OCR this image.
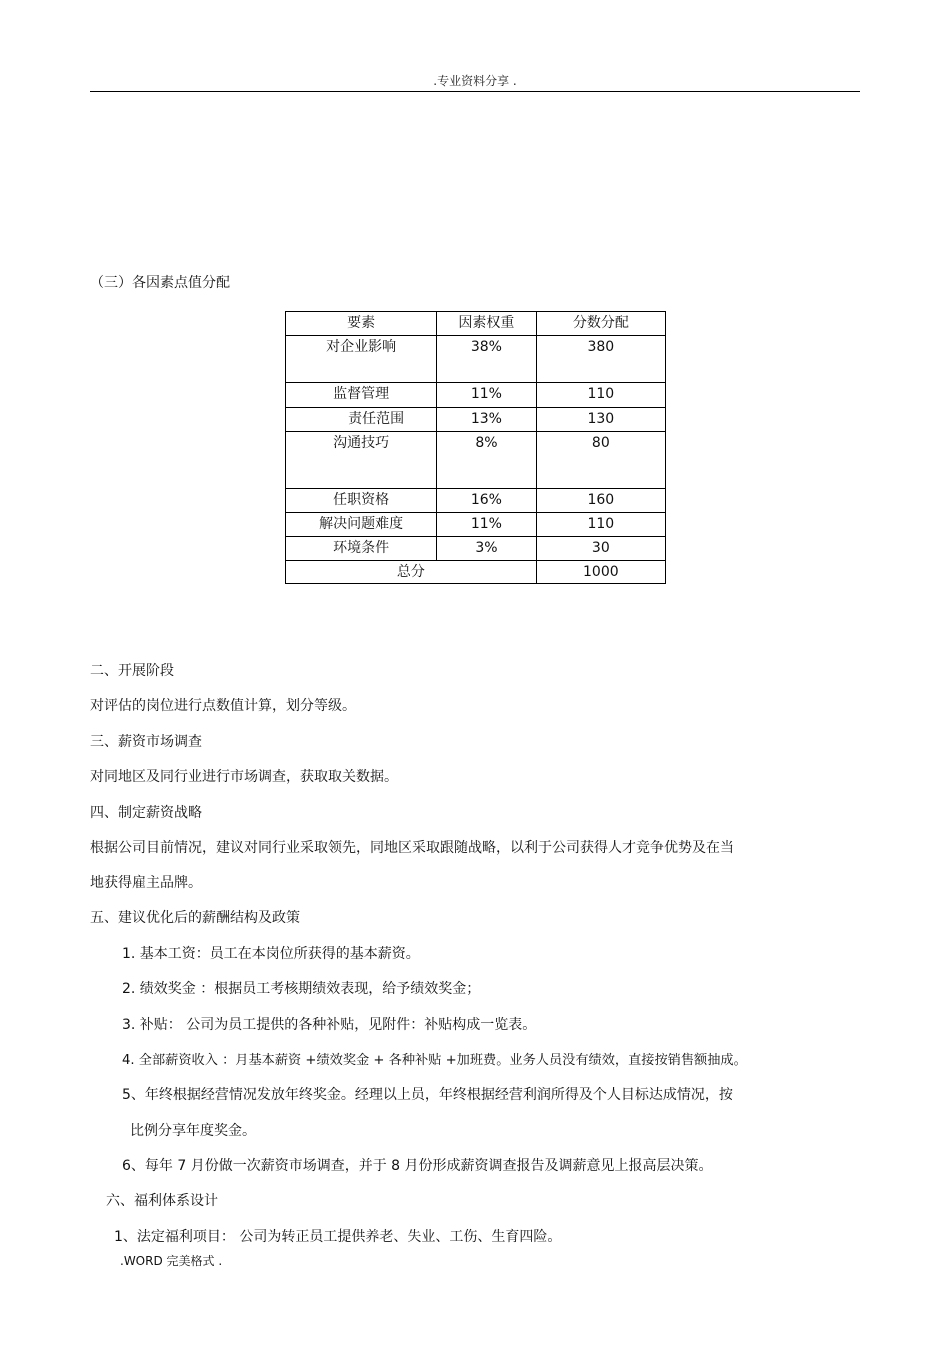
.专业资料分享 .
（三）各因素点值分配
要素	因素权重	分数分配
对企业影响	38%	380
监督管理	11%	110
责任范围	13%	130
沟通技巧	8%	80
任职资格	16%	160
解决问题难度	11%	110
环境条件	3%	30
总分		1000
二、开展阶段
对评估的岗位进行点数值计算，划分等级。
三、薪资市场调查
对同地区及同行业进行市场调查，获取取关数据。
四、制定薪资战略
根据公司目前情况，建议对同行业采取领先，同地区采取跟随战略，以利于公司获得人才竞争优势及在当
地获得雇主品牌。
五、建议优化后的薪酬结构及政策
1. 基本工资：员工在本岗位所获得的基本薪资。
2. 绩效奖金 ：根据员工考核期绩效表现，给予绩效奖金；
3. 补贴： 公司为员工提供的各种补贴，见附件：补贴构成一览表。
4. 全部薪资收入 ：月基本薪资 +绩效奖金 + 各种补贴 +加班费。业务人员没有绩效，直接按销售额抽成。
5、年终根据经营情况发放年终奖金。经理以上员，年终根据经营利润所得及个人目标达成情况，按
比例分享年度奖金。
6、每年 7 月份做一次薪资市场调查，并于 8 月份形成薪资调查报告及调薪意见上报高层决策。
六、福利体系设计
1、法定福利项目： 公司为转正员工提供养老、失业、工伤、生育四险。
.WORD 完美格式 .
